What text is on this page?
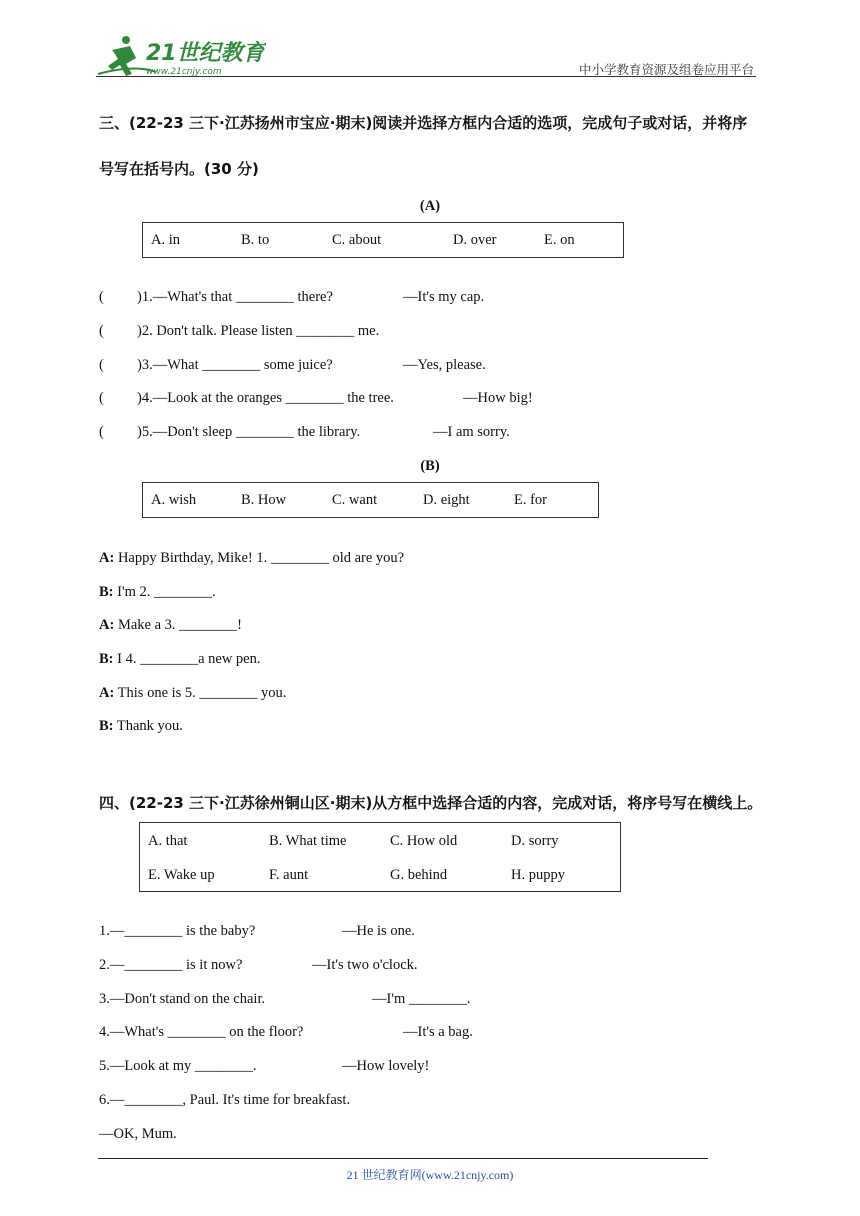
21世纪教育
www.21cnjy.com	中小学教育资源及组卷应用平台
三、(22-23 三下·江苏扬州市宝应·期末)阅读并选择方框内合适的选项，完成句子或对话，并将序
号写在括号内。(30 分)
(A)
A. in	B. to	C. about	D. over	E. on
( )1.—What's that ________ there?	—It's my cap.
( )2. Don't talk. Please listen ________ me.
( )3.—What ________ some juice?	—Yes, please.
( )4.—Look at the oranges ________ the tree.	—How big!
( )5.—Don't sleep ________ the library.	—I am sorry.
(B)
A. wish	B. How	C. want	D. eight	E. for
A: Happy Birthday, Mike! 1. ________ old are you?
B: I'm 2. ________.
A: Make a 3. ________!
B: I 4. ________a new pen.
A: This one is 5. ________ you.
B: Thank you.
四、(22-23 三下·江苏徐州铜山区·期末)从方框中选择合适的内容，完成对话，将序号写在横线上。
A. that	B. What time	C. How old	D. sorry
E. Wake up	F. aunt	G. behind	H. puppy
1.—________ is the baby?	—He is one.
2.—________ is it now?	—It's two o'clock.
3.—Don't stand on the chair.	—I'm ________.
4.—What's ________ on the floor?	—It's a bag.
5.—Look at my ________.	—How lovely!
6.—________, Paul. It's time for breakfast.
—OK, Mum.
21 世纪教育网(www.21cnjy.com)
